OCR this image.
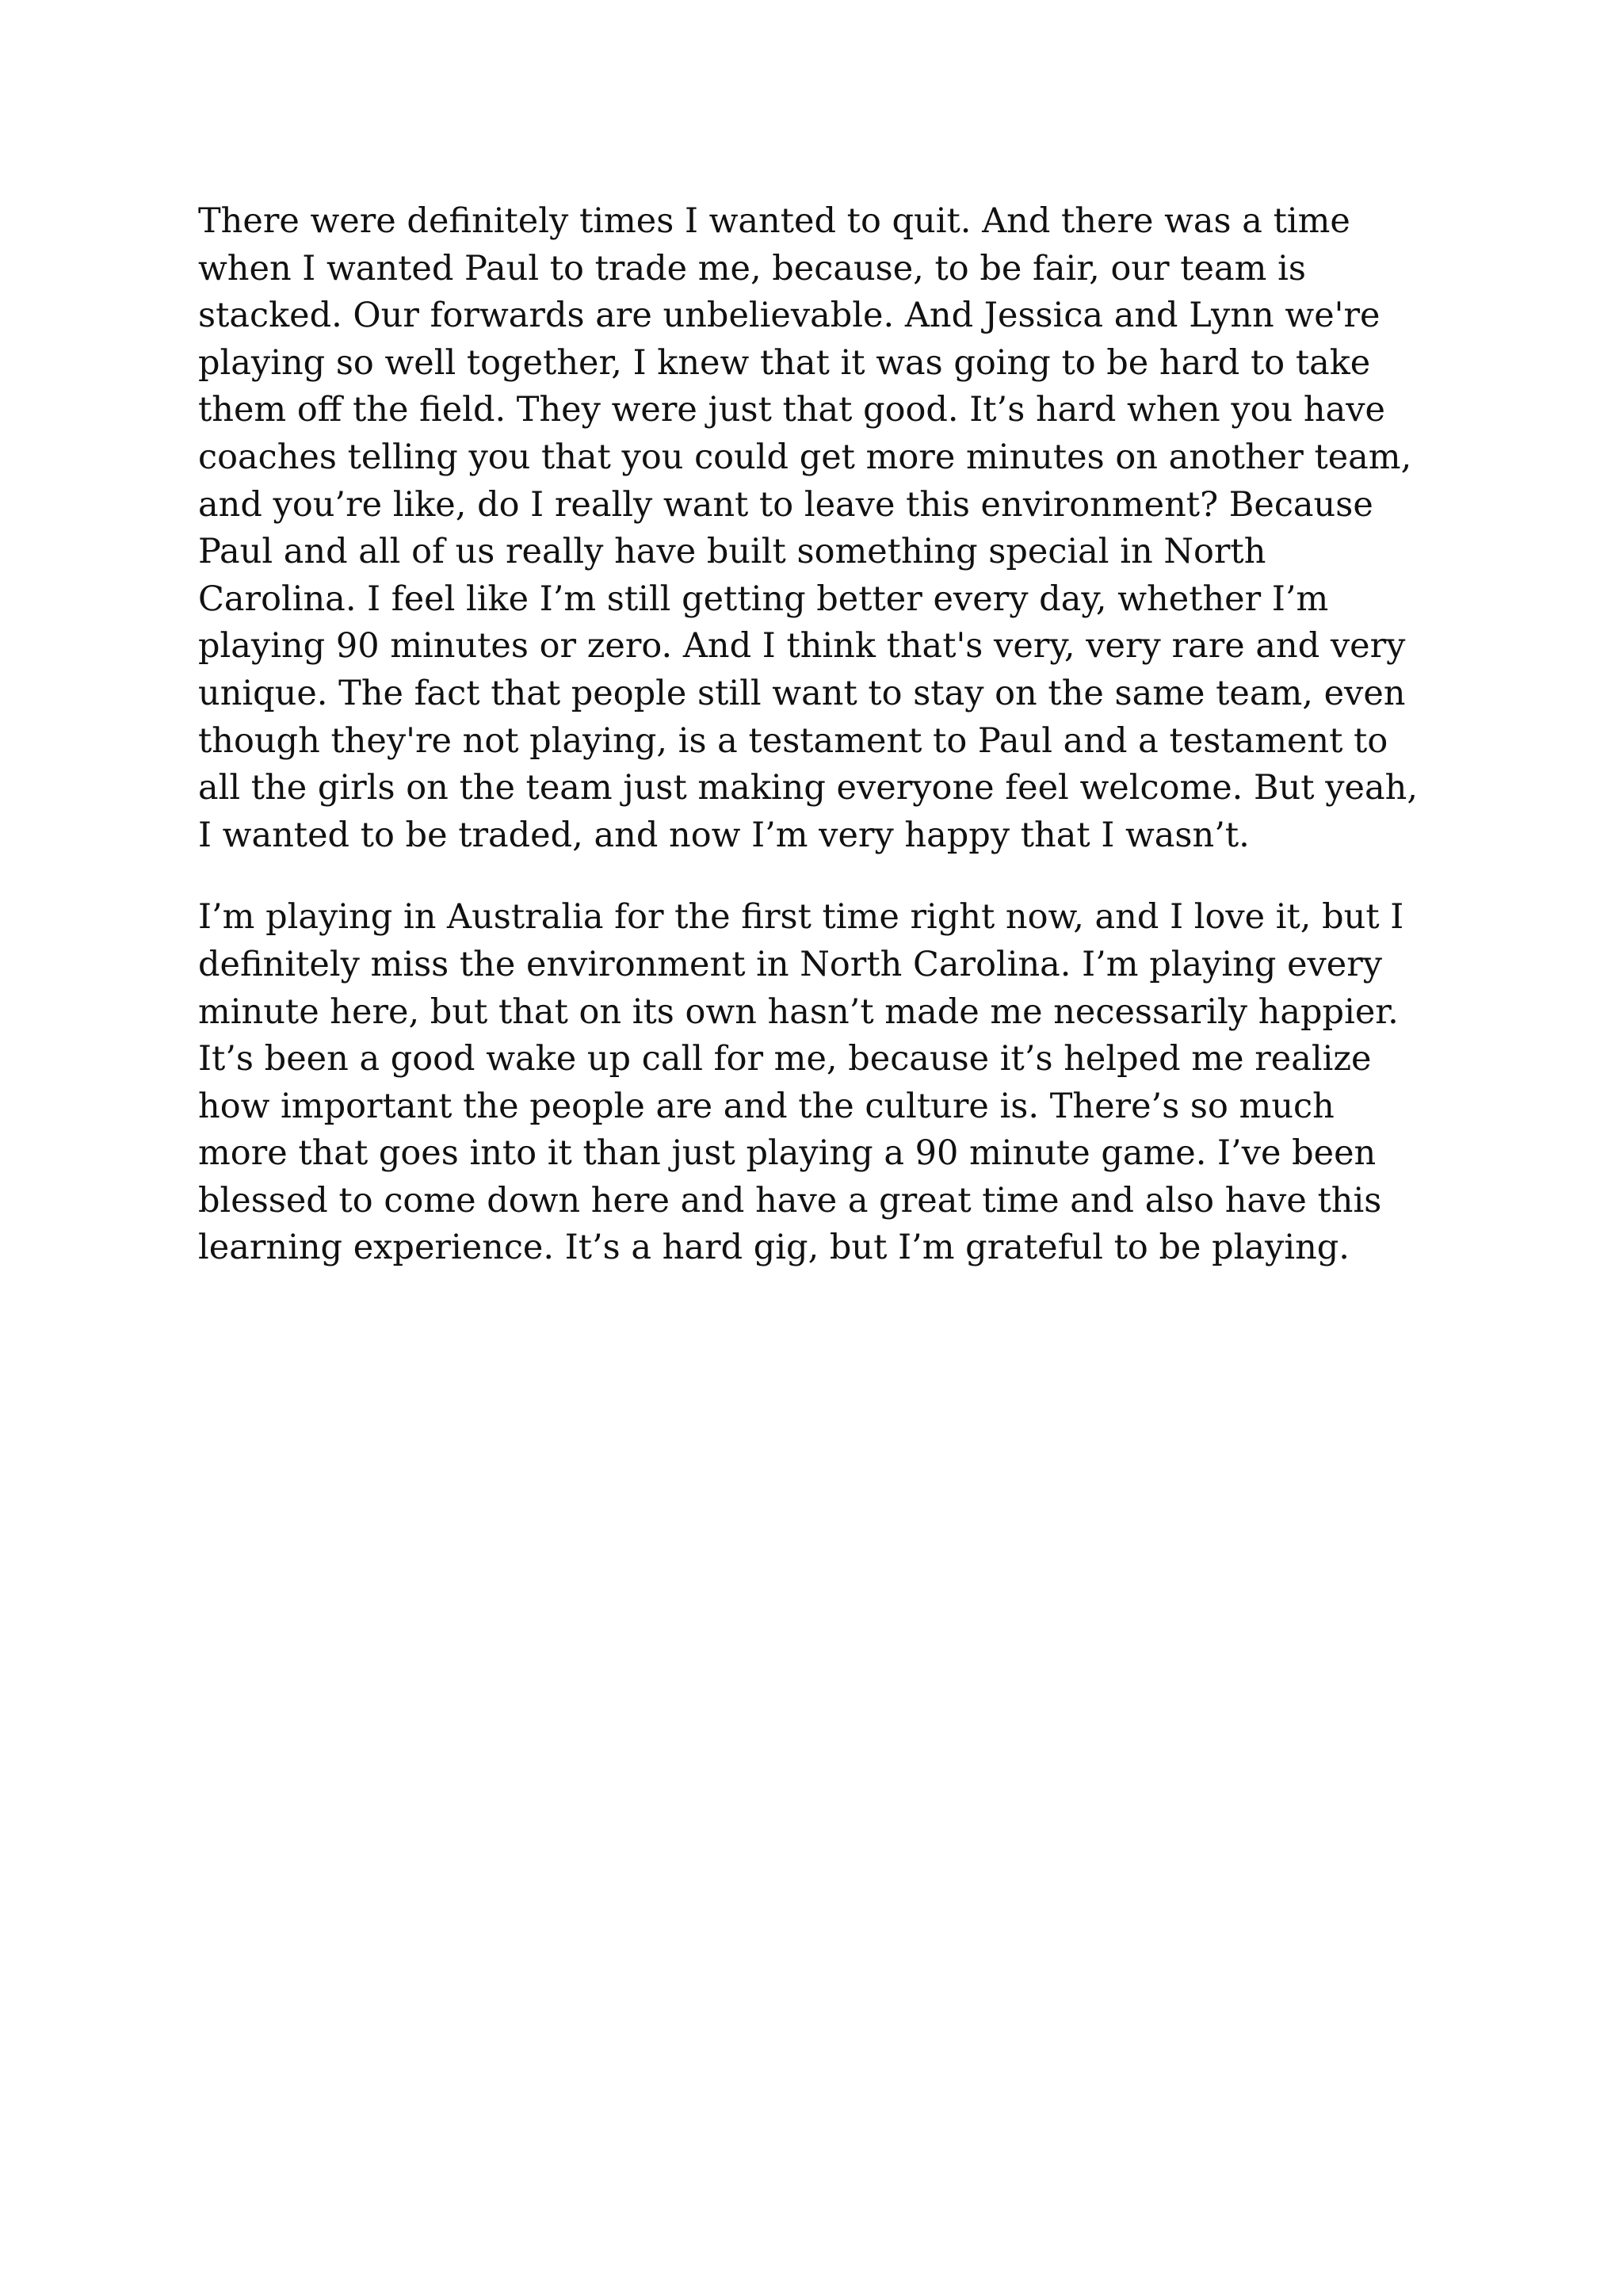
There were definitely times I wanted to quit. And there was a time
when I wanted Paul to trade me, because, to be fair, our team is
stacked. Our forwards are unbelievable. And Jessica and Lynn we're
playing so well together, I knew that it was going to be hard to take
them off the field. They were just that good. It’s hard when you have
coaches telling you that you could get more minutes on another team,
and you’re like, do I really want to leave this environment? Because
Paul and all of us really have built something special in North
Carolina. I feel like I’m still getting better every day, whether I’m
playing 90 minutes or zero. And I think that's very, very rare and very
unique. The fact that people still want to stay on the same team, even
though they're not playing, is a testament to Paul and a testament to
all the girls on the team just making everyone feel welcome. But yeah,
I wanted to be traded, and now I’m very happy that I wasn’t.

I’m playing in Australia for the first time right now, and I love it, but I
definitely miss the environment in North Carolina. I’m playing every
minute here, but that on its own hasn’t made me necessarily happier.
It’s been a good wake up call for me, because it’s helped me realize
how important the people are and the culture is. There’s so much
more that goes into it than just playing a 90 minute game. I’ve been
blessed to come down here and have a great time and also have this
learning experience. It’s a hard gig, but I’m grateful to be playing.
